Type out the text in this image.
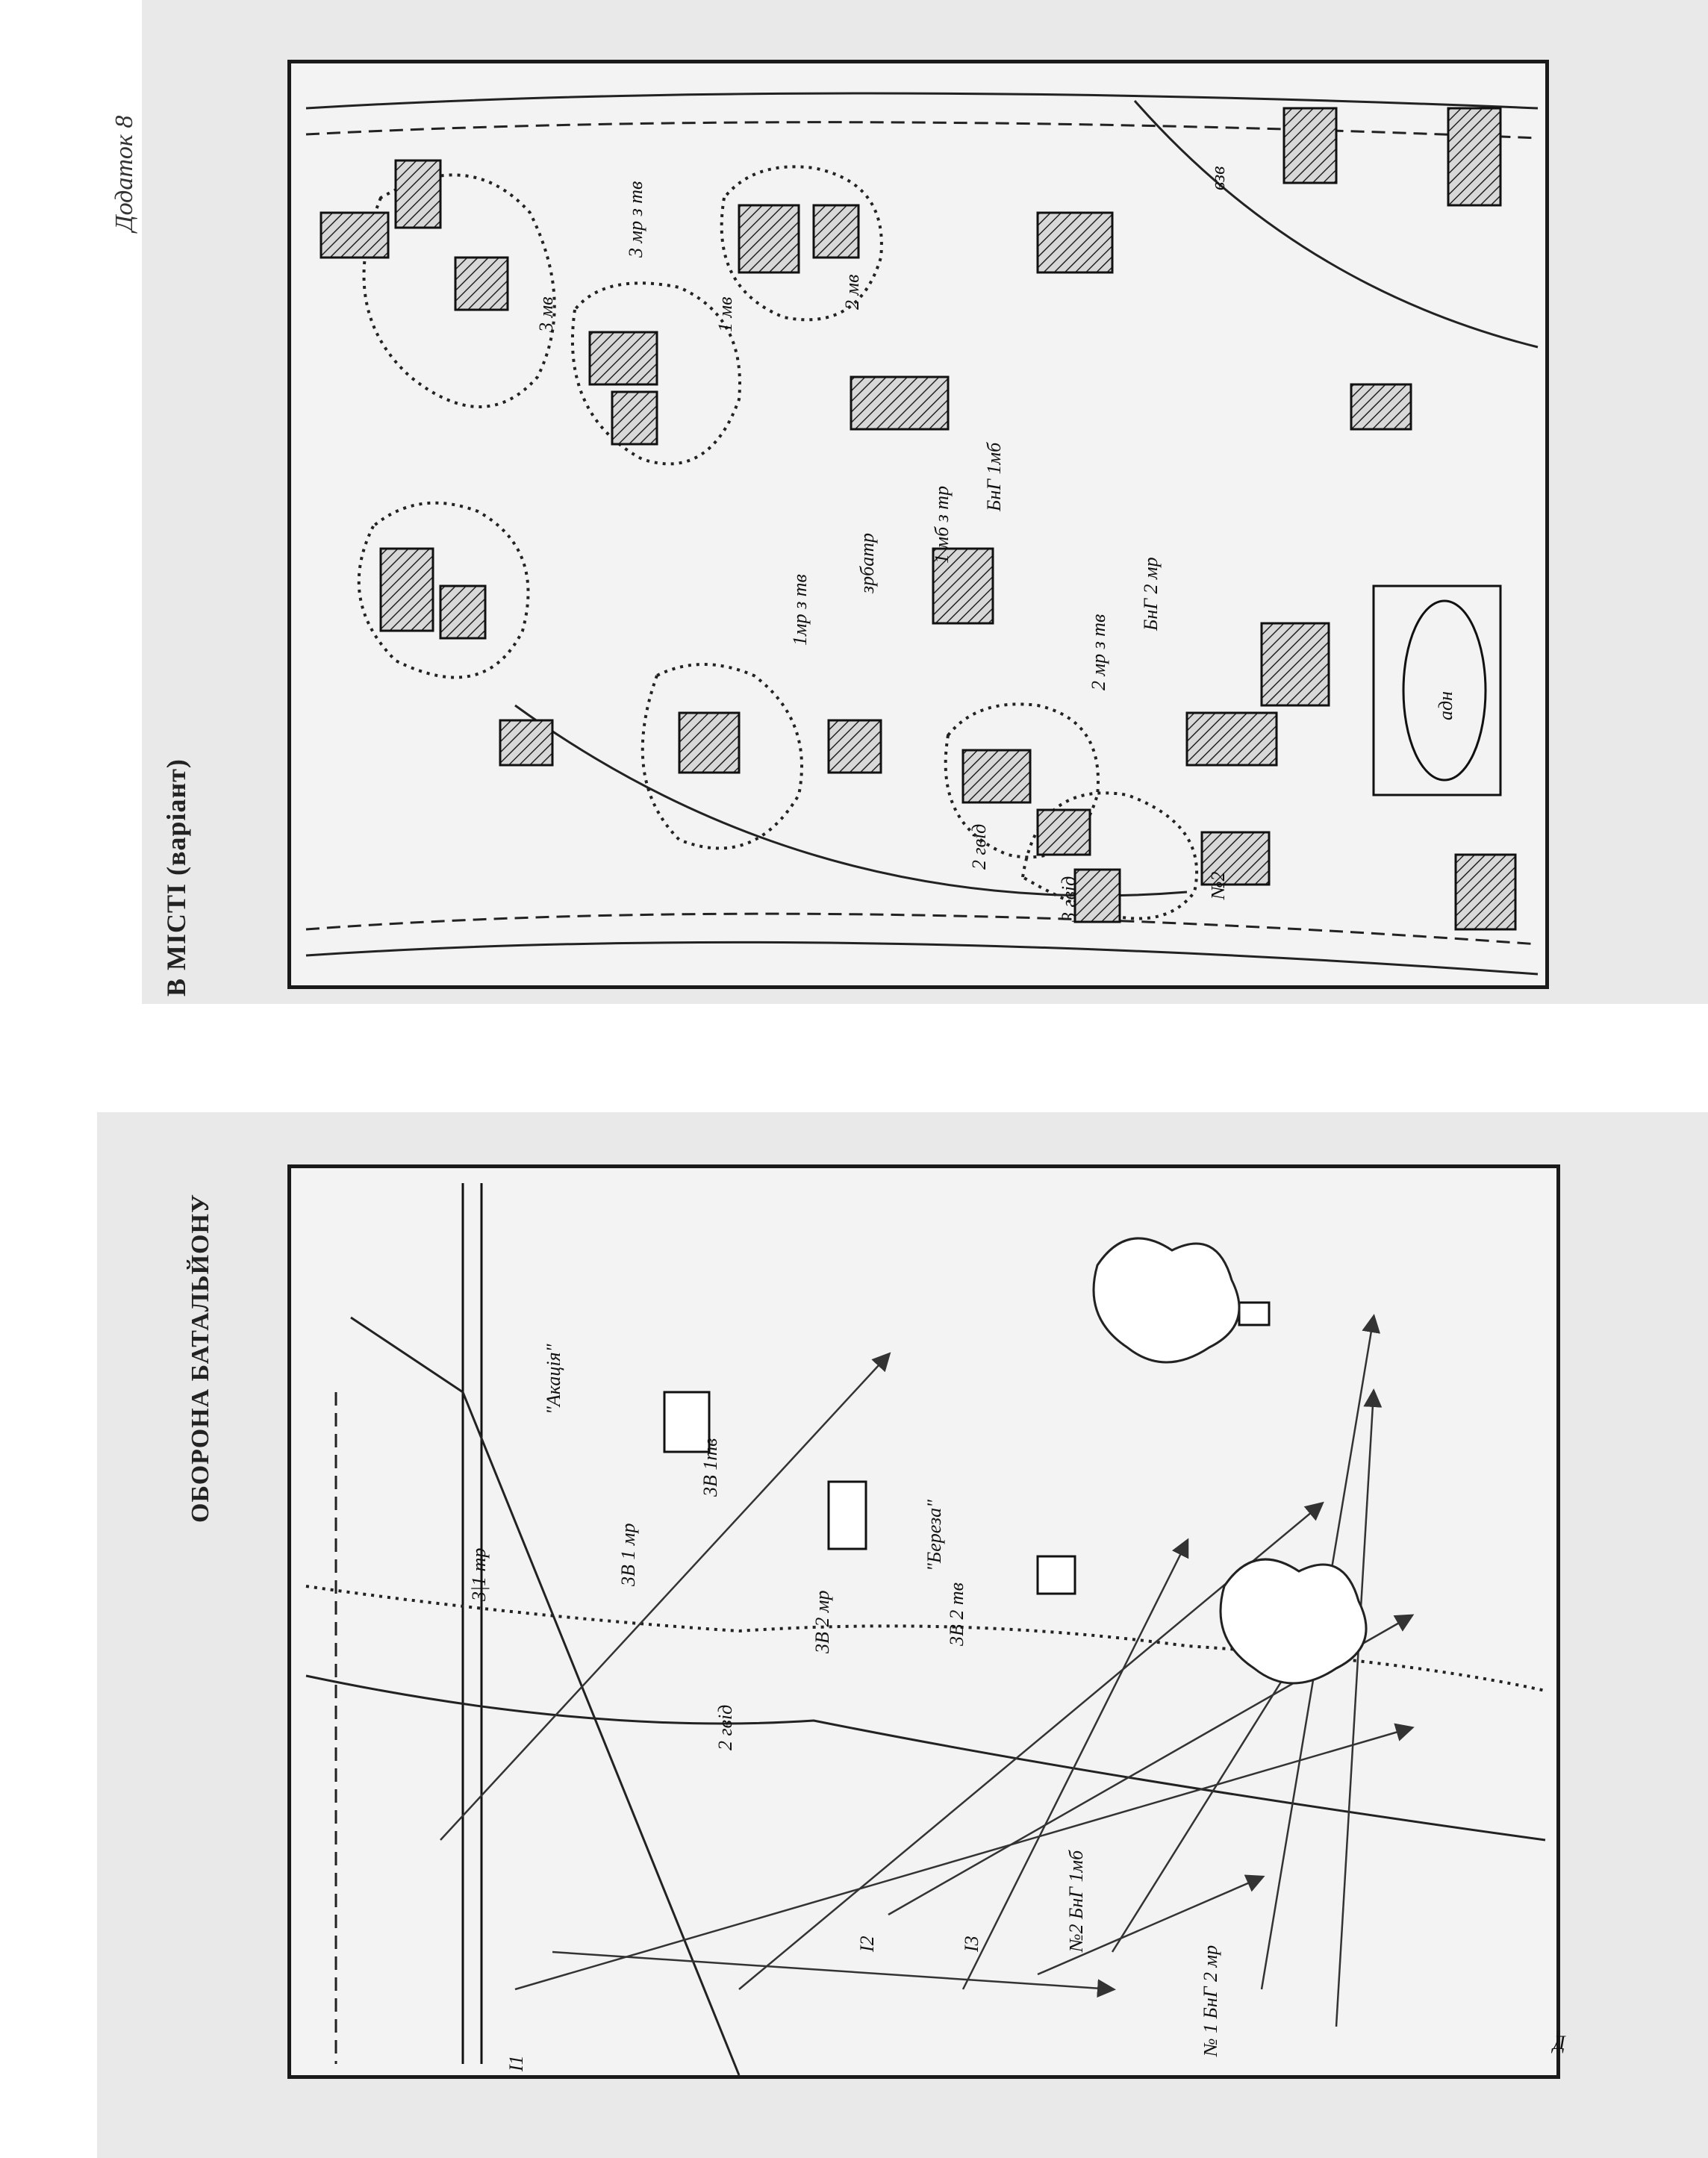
В МІСТІ (варіант)
Додаток 8
зрбатр	1 мб з тр
БнГ 1мб
3 мр з тв
1мр з тв
2 мр з тв
БнГ 2 мр
1 мв
2 мв
3 мв
2 гвід
3 гвід
взв
адн
№2
ОБОРОНА БАТАЛЬЙОНУ	"Акація"
"Береза"
3|1 тр	3В 1 мр
3В 2 мр	3В 2 тв
3В 1тв
2 гвід
№ 1 БнГ 2 мр
№2 БнГ 1мб
Д
I1
I2	I3
